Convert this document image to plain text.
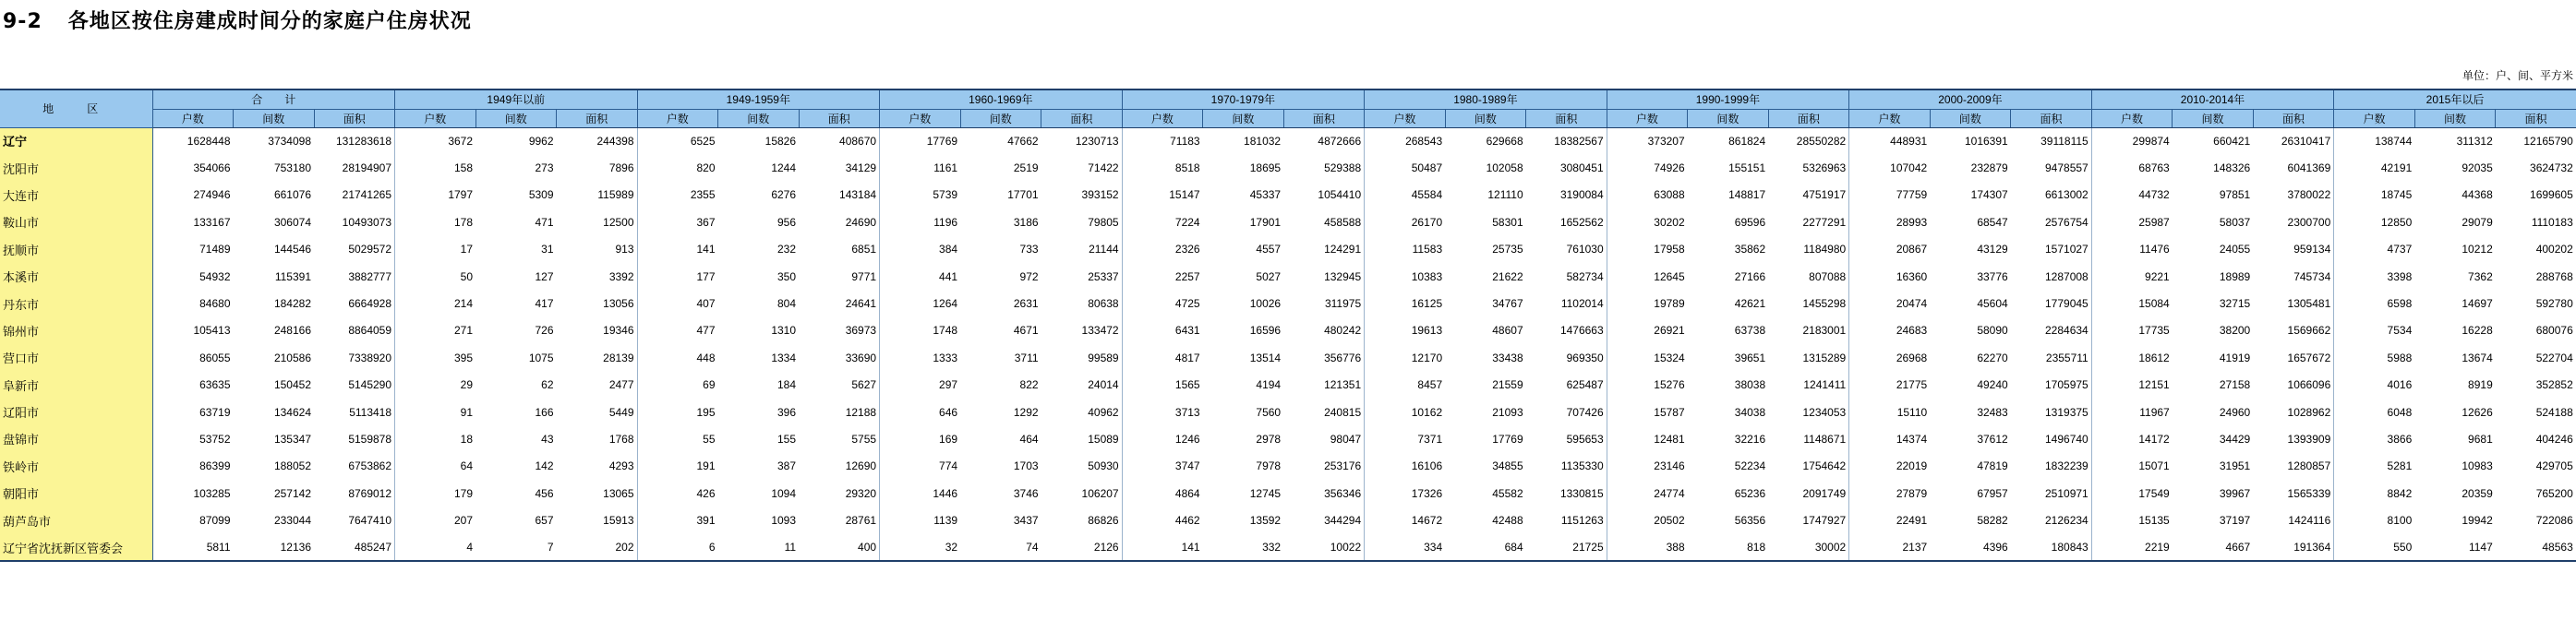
9-2 各地区按住房建成时间分的家庭户住房状况
单位：户、间、平方米
地　区	合　　计			1949年以前			1949-1959年			1960-1969年			1970-1979年			1980-1989年			1990-1999年			2000-2009年			2010-2014年			2015年以后		
	户数	间数	面积	户数	间数	面积	户数	间数	面积	户数	间数	面积	户数	间数	面积	户数	间数	面积	户数	间数	面积	户数	间数	面积	户数	间数	面积	户数	间数	面积
辽宁	1628448	3734098	131283618	3672	9962	244398	6525	15826	408670	17769	47662	1230713	71183	181032	4872666	268543	629668	18382567	373207	861824	28550282	448931	1016391	39118115	299874	660421	26310417	138744	311312	12165790
沈阳市	354066	753180	28194907	158	273	7896	820	1244	34129	1161	2519	71422	8518	18695	529388	50487	102058	3080451	74926	155151	5326963	107042	232879	9478557	68763	148326	6041369	42191	92035	3624732
大连市	274946	661076	21741265	1797	5309	115989	2355	6276	143184	5739	17701	393152	15147	45337	1054410	45584	121110	3190084	63088	148817	4751917	77759	174307	6613002	44732	97851	3780022	18745	44368	1699605
鞍山市	133167	306074	10493073	178	471	12500	367	956	24690	1196	3186	79805	7224	17901	458588	26170	58301	1652562	30202	69596	2277291	28993	68547	2576754	25987	58037	2300700	12850	29079	1110183
抚顺市	71489	144546	5029572	17	31	913	141	232	6851	384	733	21144	2326	4557	124291	11583	25735	761030	17958	35862	1184980	20867	43129	1571027	11476	24055	959134	4737	10212	400202
本溪市	54932	115391	3882777	50	127	3392	177	350	9771	441	972	25337	2257	5027	132945	10383	21622	582734	12645	27166	807088	16360	33776	1287008	9221	18989	745734	3398	7362	288768
丹东市	84680	184282	6664928	214	417	13056	407	804	24641	1264	2631	80638	4725	10026	311975	16125	34767	1102014	19789	42621	1455298	20474	45604	1779045	15084	32715	1305481	6598	14697	592780
锦州市	105413	248166	8864059	271	726	19346	477	1310	36973	1748	4671	133472	6431	16596	480242	19613	48607	1476663	26921	63738	2183001	24683	58090	2284634	17735	38200	1569662	7534	16228	680076
营口市	86055	210586	7338920	395	1075	28139	448	1334	33690	1333	3711	99589	4817	13514	356776	12170	33438	969350	15324	39651	1315289	26968	62270	2355711	18612	41919	1657672	5988	13674	522704
阜新市	63635	150452	5145290	29	62	2477	69	184	5627	297	822	24014	1565	4194	121351	8457	21559	625487	15276	38038	1241411	21775	49240	1705975	12151	27158	1066096	4016	8919	352852
辽阳市	63719	134624	5113418	91	166	5449	195	396	12188	646	1292	40962	3713	7560	240815	10162	21093	707426	15787	34038	1234053	15110	32483	1319375	11967	24960	1028962	6048	12626	524188
盘锦市	53752	135347	5159878	18	43	1768	55	155	5755	169	464	15089	1246	2978	98047	7371	17769	595653	12481	32216	1148671	14374	37612	1496740	14172	34429	1393909	3866	9681	404246
铁岭市	86399	188052	6753862	64	142	4293	191	387	12690	774	1703	50930	3747	7978	253176	16106	34855	1135330	23146	52234	1754642	22019	47819	1832239	15071	31951	1280857	5281	10983	429705
朝阳市	103285	257142	8769012	179	456	13065	426	1094	29320	1446	3746	106207	4864	12745	356346	17326	45582	1330815	24774	65236	2091749	27879	67957	2510971	17549	39967	1565339	8842	20359	765200
葫芦岛市	87099	233044	7647410	207	657	15913	391	1093	28761	1139	3437	86826	4462	13592	344294	14672	42488	1151263	20502	56356	1747927	22491	58282	2126234	15135	37197	1424116	8100	19942	722086
辽宁省沈抚新区管委会	5811	12136	485247	4	7	202	6	11	400	32	74	2126	141	332	10022	334	684	21725	388	818	30002	2137	4396	180843	2219	4667	191364	550	1147	48563
